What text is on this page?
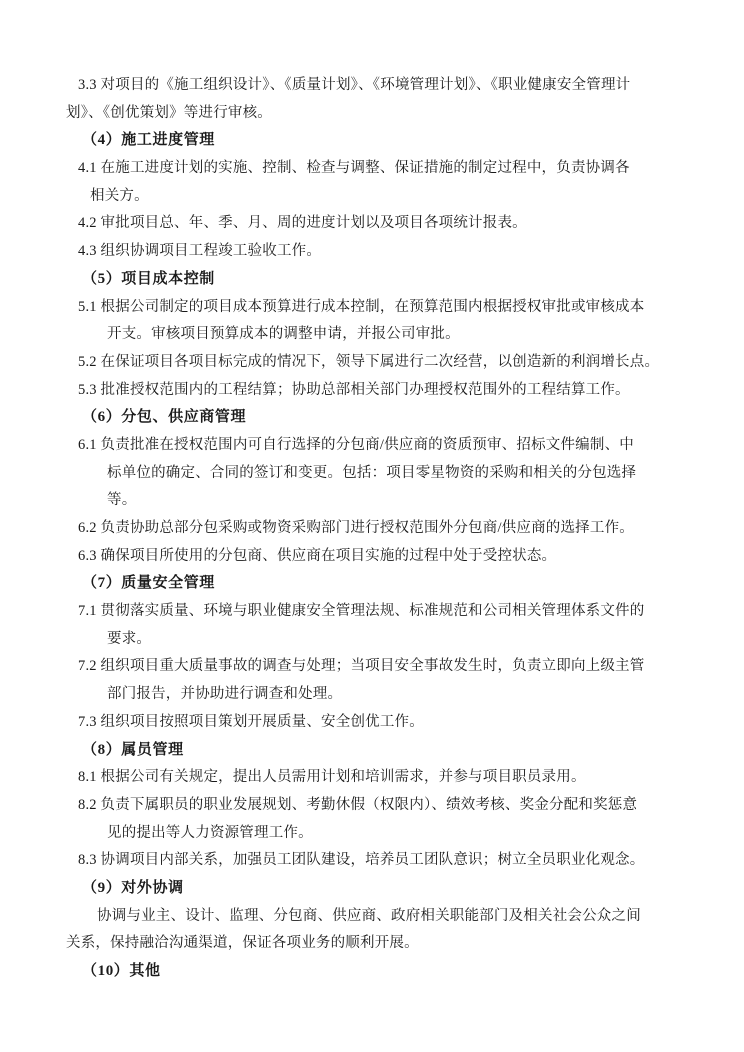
3.3 对项目的《施工组织设计》、《质量计划》、《环境管理计划》、《职业健康安全管理计
划》、《创优策划》等进行审核。
（4）施工进度管理
4.1 在施工进度计划的实施、控制、检查与调整、保证措施的制定过程中，负责协调各
相关方。
4.2 审批项目总、年、季、月、周的进度计划以及项目各项统计报表。
4.3 组织协调项目工程竣工验收工作。
（5）项目成本控制
5.1 根据公司制定的项目成本预算进行成本控制，在预算范围内根据授权审批或审核成本
开支。审核项目预算成本的调整申请，并报公司审批。
5.2 在保证项目各项目标完成的情况下，领导下属进行二次经营，以创造新的利润增长点。
5.3 批准授权范围内的工程结算；协助总部相关部门办理授权范围外的工程结算工作。
（6）分包、供应商管理
6.1 负责批准在授权范围内可自行选择的分包商/供应商的资质预审、招标文件编制、中
标单位的确定、合同的签订和变更。包括：项目零星物资的采购和相关的分包选择
等。
6.2 负责协助总部分包采购或物资采购部门进行授权范围外分包商/供应商的选择工作。
6.3 确保项目所使用的分包商、供应商在项目实施的过程中处于受控状态。
（7）质量安全管理
7.1 贯彻落实质量、环境与职业健康安全管理法规、标准规范和公司相关管理体系文件的
要求。
7.2 组织项目重大质量事故的调查与处理；当项目安全事故发生时，负责立即向上级主管
部门报告，并协助进行调查和处理。
7.3 组织项目按照项目策划开展质量、安全创优工作。
（8）属员管理
8.1 根据公司有关规定，提出人员需用计划和培训需求，并参与项目职员录用。
8.2 负责下属职员的职业发展规划、考勤休假（权限内）、绩效考核、奖金分配和奖惩意
见的提出等人力资源管理工作。
8.3 协调项目内部关系，加强员工团队建设，培养员工团队意识；树立全员职业化观念。
（9）对外协调
协调与业主、设计、监理、分包商、供应商、政府相关职能部门及相关社会公众之间
关系，保持融洽沟通渠道，保证各项业务的顺利开展。
（10）其他
